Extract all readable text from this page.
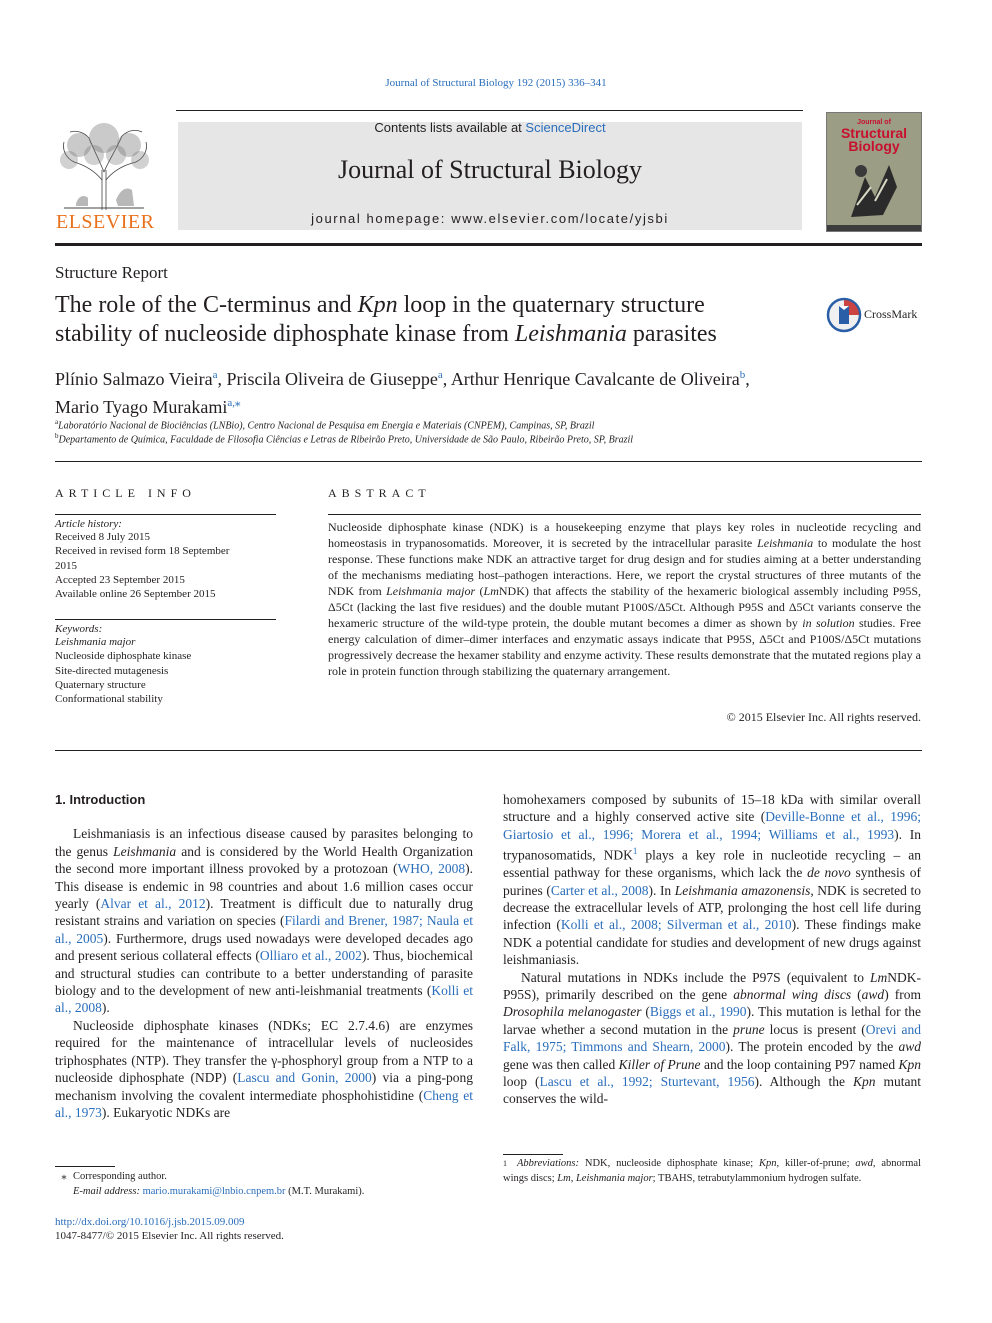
Journal of Structural Biology 192 (2015) 336–341
ELSEVIER
Contents lists available at ScienceDirect
Journal of Structural Biology
journal homepage: www.elsevier.com/locate/yjsbi
Journal of
Structural
Biology
Structure Report
The role of the C-terminus and Kpn loop in the quaternary structure
stability of nucleoside diphosphate kinase from Leishmania parasites
CrossMark
Plínio Salmazo Vieira$^a$, Priscila Oliveira de Giuseppe$^a$, Arthur Henrique Cavalcante de Oliveira$^b$,
Mario Tyago Murakami$^{a,⁎}$
$^a$Laboratório Nacional de Biociências (LNBio), Centro Nacional de Pesquisa em Energia e Materiais (CNPEM), Campinas, SP, Brazil
$^b$Departamento de Química, Faculdade de Filosofia Ciências e Letras de Ribeirão Preto, Universidade de São Paulo, Ribeirão Preto, SP, Brazil
ARTICLE INFO
Article history:
Received 8 July 2015
Received in revised form 18 September
2015
Accepted 23 September 2015
Available online 26 September 2015
Keywords:
Leishmania major
Nucleoside diphosphate kinase
Site-directed mutagenesis
Quaternary structure
Conformational stability
ABSTRACT
Nucleoside diphosphate kinase (NDK) is a housekeeping enzyme that plays key roles in nucleotide recycling and homeostasis in trypanosomatids. Moreover, it is secreted by the intracellular parasite Leishmania to modulate the host response. These functions make NDK an attractive target for drug design and for studies aiming at a better understanding of the mechanisms mediating host–pathogen interactions. Here, we report the crystal structures of three mutants of the NDK from Leishmania major (LmNDK) that affects the stability of the hexameric biological assembly including P95S, Δ5Ct (lacking the last five residues) and the double mutant P100S/Δ5Ct. Although P95S and Δ5Ct variants conserve the hexameric structure of the wild-type protein, the double mutant becomes a dimer as shown by in solution studies. Free energy calculation of dimer–dimer interfaces and enzymatic assays indicate that P95S, Δ5Ct and P100S/Δ5Ct mutations progressively decrease the hexamer stability and enzyme activity. These results demonstrate that the mutated regions play a role in protein function through stabilizing the quaternary arrangement.
© 2015 Elsevier Inc. All rights reserved.

1. Introduction

Leishmaniasis is an infectious disease caused by parasites belonging to the genus Leishmania and is considered by the World Health Organization the second more important illness provoked by a protozoan (WHO, 2008). This disease is endemic in 98 countries and about 1.6 million cases occur yearly (Alvar et al., 2012). Treatment is difficult due to naturally drug resistant strains and variation on species (Filardi and Brener, 1987; Naula et al., 2005). Furthermore, drugs used nowadays were developed decades ago and present serious collateral effects (Olliaro et al., 2002). Thus, biochemical and structural studies can contribute to a better understanding of parasite biology and to the development of new anti-leishmanial treatments (Kolli et al., 2008).

Nucleoside diphosphate kinases (NDKs; EC 2.7.4.6) are enzymes required for the maintenance of intracellular levels of nucleosides triphosphates (NTP). They transfer the γ-phosphoryl group from a NTP to a nucleoside diphosphate (NDP) (Lascu and Gonin, 2000) via a ping-pong mechanism involving the covalent intermediate phosphohistidine (Cheng et al., 1973). Eukaryotic NDKs are

homohexamers composed by subunits of 15–18 kDa with similar overall structure and a highly conserved active site (Deville-Bonne et al., 1996; Giartosio et al., 1996; Morera et al., 1994; Williams et al., 1993). In trypanosomatids, NDK$^1$ plays a key role in nucleotide recycling – an essential pathway for these organisms, which lack the de novo synthesis of purines (Carter et al., 2008). In Leishmania amazonensis, NDK is secreted to decrease the extracellular levels of ATP, prolonging the host cell life during infection (Kolli et al., 2008; Silverman et al., 2010). These findings make NDK a potential candidate for studies and development of new drugs against leishmaniasis.

Natural mutations in NDKs include the P97S (equivalent to LmNDK-P95S), primarily described on the gene abnormal wing discs (awd) from Drosophila melanogaster (Biggs et al., 1990). This mutation is lethal for the larvae whether a second mutation in the prune locus is present (Orevi and Falk, 1975; Timmons and Shearn, 2000). The protein encoded by the awd gene was then called Killer of Prune and the loop containing P97 named Kpn loop (Lascu et al., 1992; Sturtevant, 1956). Although the Kpn mutant conserves the wild-

⁎ Corresponding author.
E-mail address: mario.murakami@lnbio.cnpem.br (M.T. Murakami).
1 Abbreviations: NDK, nucleoside diphosphate kinase; Kpn, killer-of-prune; awd, abnormal wings discs; Lm, Leishmania major; TBAHS, tetrabutylammonium hydrogen sulfate.
http://dx.doi.org/10.1016/j.jsb.2015.09.009
1047-8477/© 2015 Elsevier Inc. All rights reserved.
